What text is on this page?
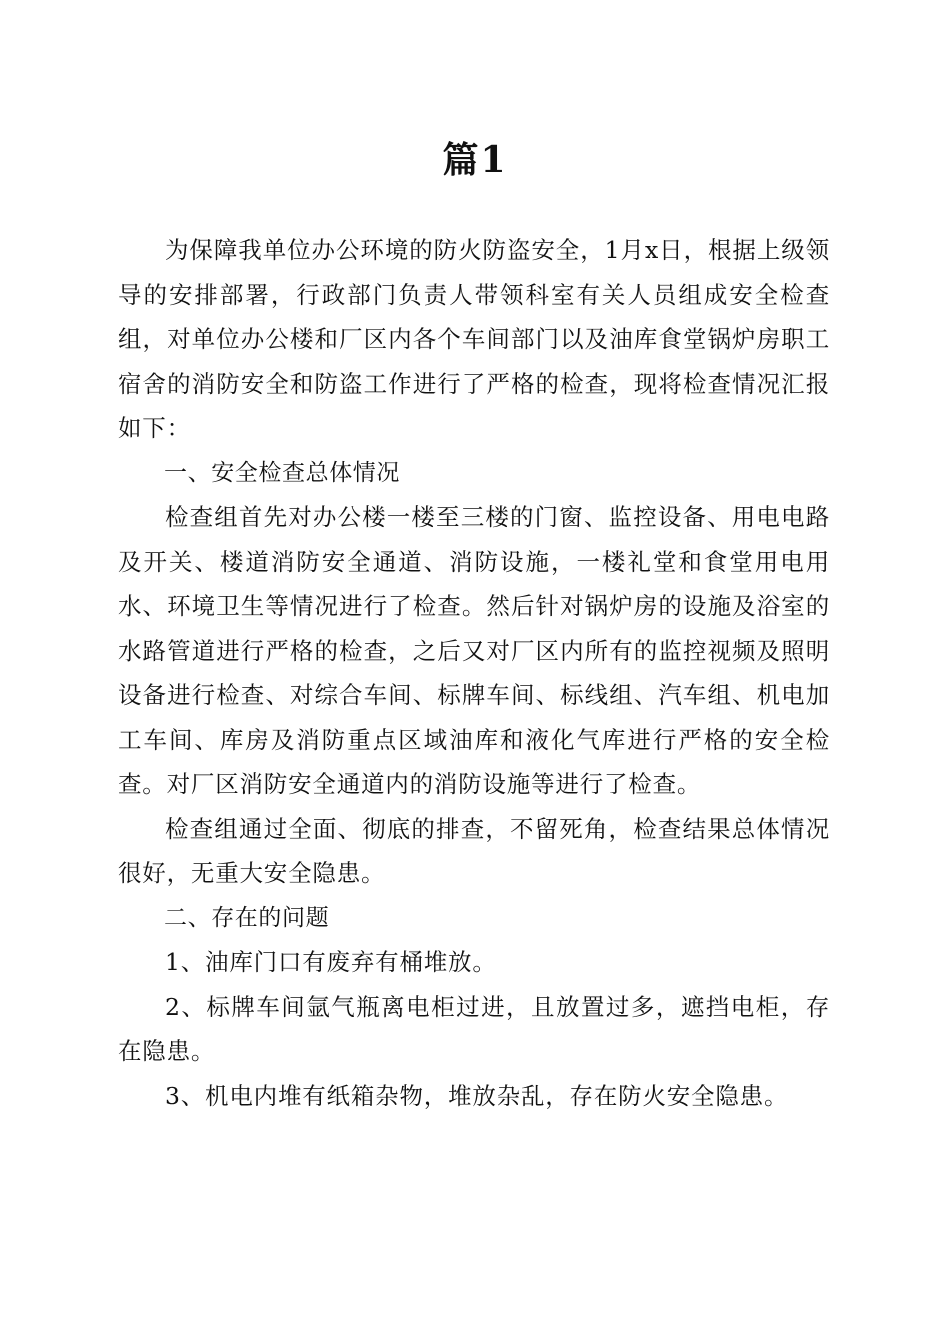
篇1

为保障我单位办公环境的防火防盗安全，1月x日，根据上级领导的安排部署，行政部门负责人带领科室有关人员组成安全检查组，对单位办公楼和厂区内各个车间部门以及油库食堂锅炉房职工宿舍的消防安全和防盗工作进行了严格的检查，现将检查情况汇报如下：

一、安全检查总体情况

检查组首先对办公楼一楼至三楼的门窗、监控设备、用电电路及开关、楼道消防安全通道、消防设施，一楼礼堂和食堂用电用水、环境卫生等情况进行了检查。然后针对锅炉房的设施及浴室的水路管道进行严格的检查，之后又对厂区内所有的监控视频及照明设备进行检查、对综合车间、标牌车间、标线组、汽车组、机电加工车间、库房及消防重点区域油库和液化气库进行严格的安全检查。对厂区消防安全通道内的消防设施等进行了检查。

检查组通过全面、彻底的排查，不留死角，检查结果总体情况很好，无重大安全隐患。

二、存在的问题

1、油库门口有废弃有桶堆放。

2、标牌车间氩气瓶离电柜过进，且放置过多，遮挡电柜，存在隐患。

3、机电内堆有纸箱杂物，堆放杂乱，存在防火安全隐患。
